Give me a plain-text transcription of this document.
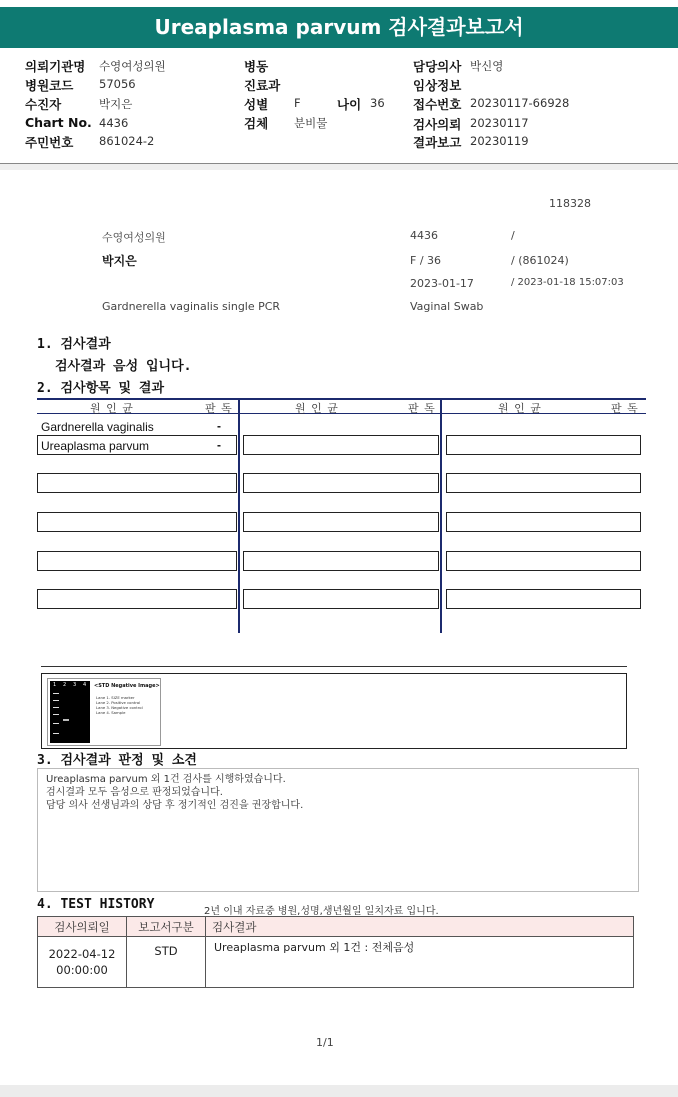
Ureaplasma parvum 검사결과보고서
의뢰기관명 수영여성의원
병원코드 57056
수진자	박지은
Chart No. 4436
주민번호 861024-2
병동
진료과
성별 F	나이 36
검체 분비물
담당의사 박신영
임상정보
접수번호 20230117-66928
검사의뢰 20230117
결과보고 20230119
118328
수영여성의원	4436	/
박지은	F / 36	/ (861024)
2023-01-17	/ 2023-01-18 15:07:03
Gardnerella vaginalis single PCR	Vaginal Swab
1. 검사결과
검사결과 음성 입니다.
2. 검사항목 및 결과
원 인 균	판 독	원 인 균	판 독	원 인 균	판 독
Gardnerella vaginalis	-
Ureaplasma parvum	-
1 2 3 4 <STD Negative Image>
Lane 1. SIZE marker
Lane 2. Positive control
Lane 3. Negative control
Lane 4. Sample
3. 검사결과 판정 및 소견
Ureaplasma parvum 외 1건 검사를 시행하였습니다.
검시결과 모두 음성으로 판정되었습니다.
담당 의사 선생님과의 상담 후 정기적인 검진을 권장합니다.
4. TEST HISTORY	2년 이내 자료중 병원,성명,생년월일 일치자료 입니다.
검사의뢰일	보고서구분	검사결과

2022-04-12
00:00:00	STD	Ureaplasma parvum 외 1건 : 전체음성
1/1
